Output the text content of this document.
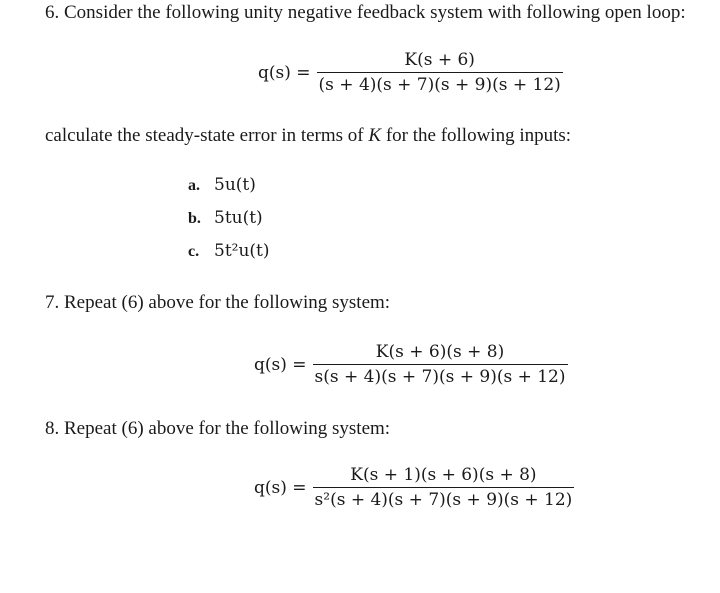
6. Consider the following unity negative feedback system with following open loop:
$q(s) = \frac{K(s + 6)}{(s + 4)(s + 7)(s + 9)(s + 12)}$
calculate the steady-state error in terms of K for the following inputs:
a. 5u(t)
b. 5tu(t)
c. 5t²u(t)
7. Repeat (6) above for the following system:
$q(s) = \frac{K(s + 6)(s + 8)}{s(s + 4)(s + 7)(s + 9)(s + 12)}$
8. Repeat (6) above for the following system:
$q(s) = \frac{K(s + 1)(s + 6)(s + 8)}{\text{s²(s + 4)(s + 7)(s + 9)(s + 12)}}$
